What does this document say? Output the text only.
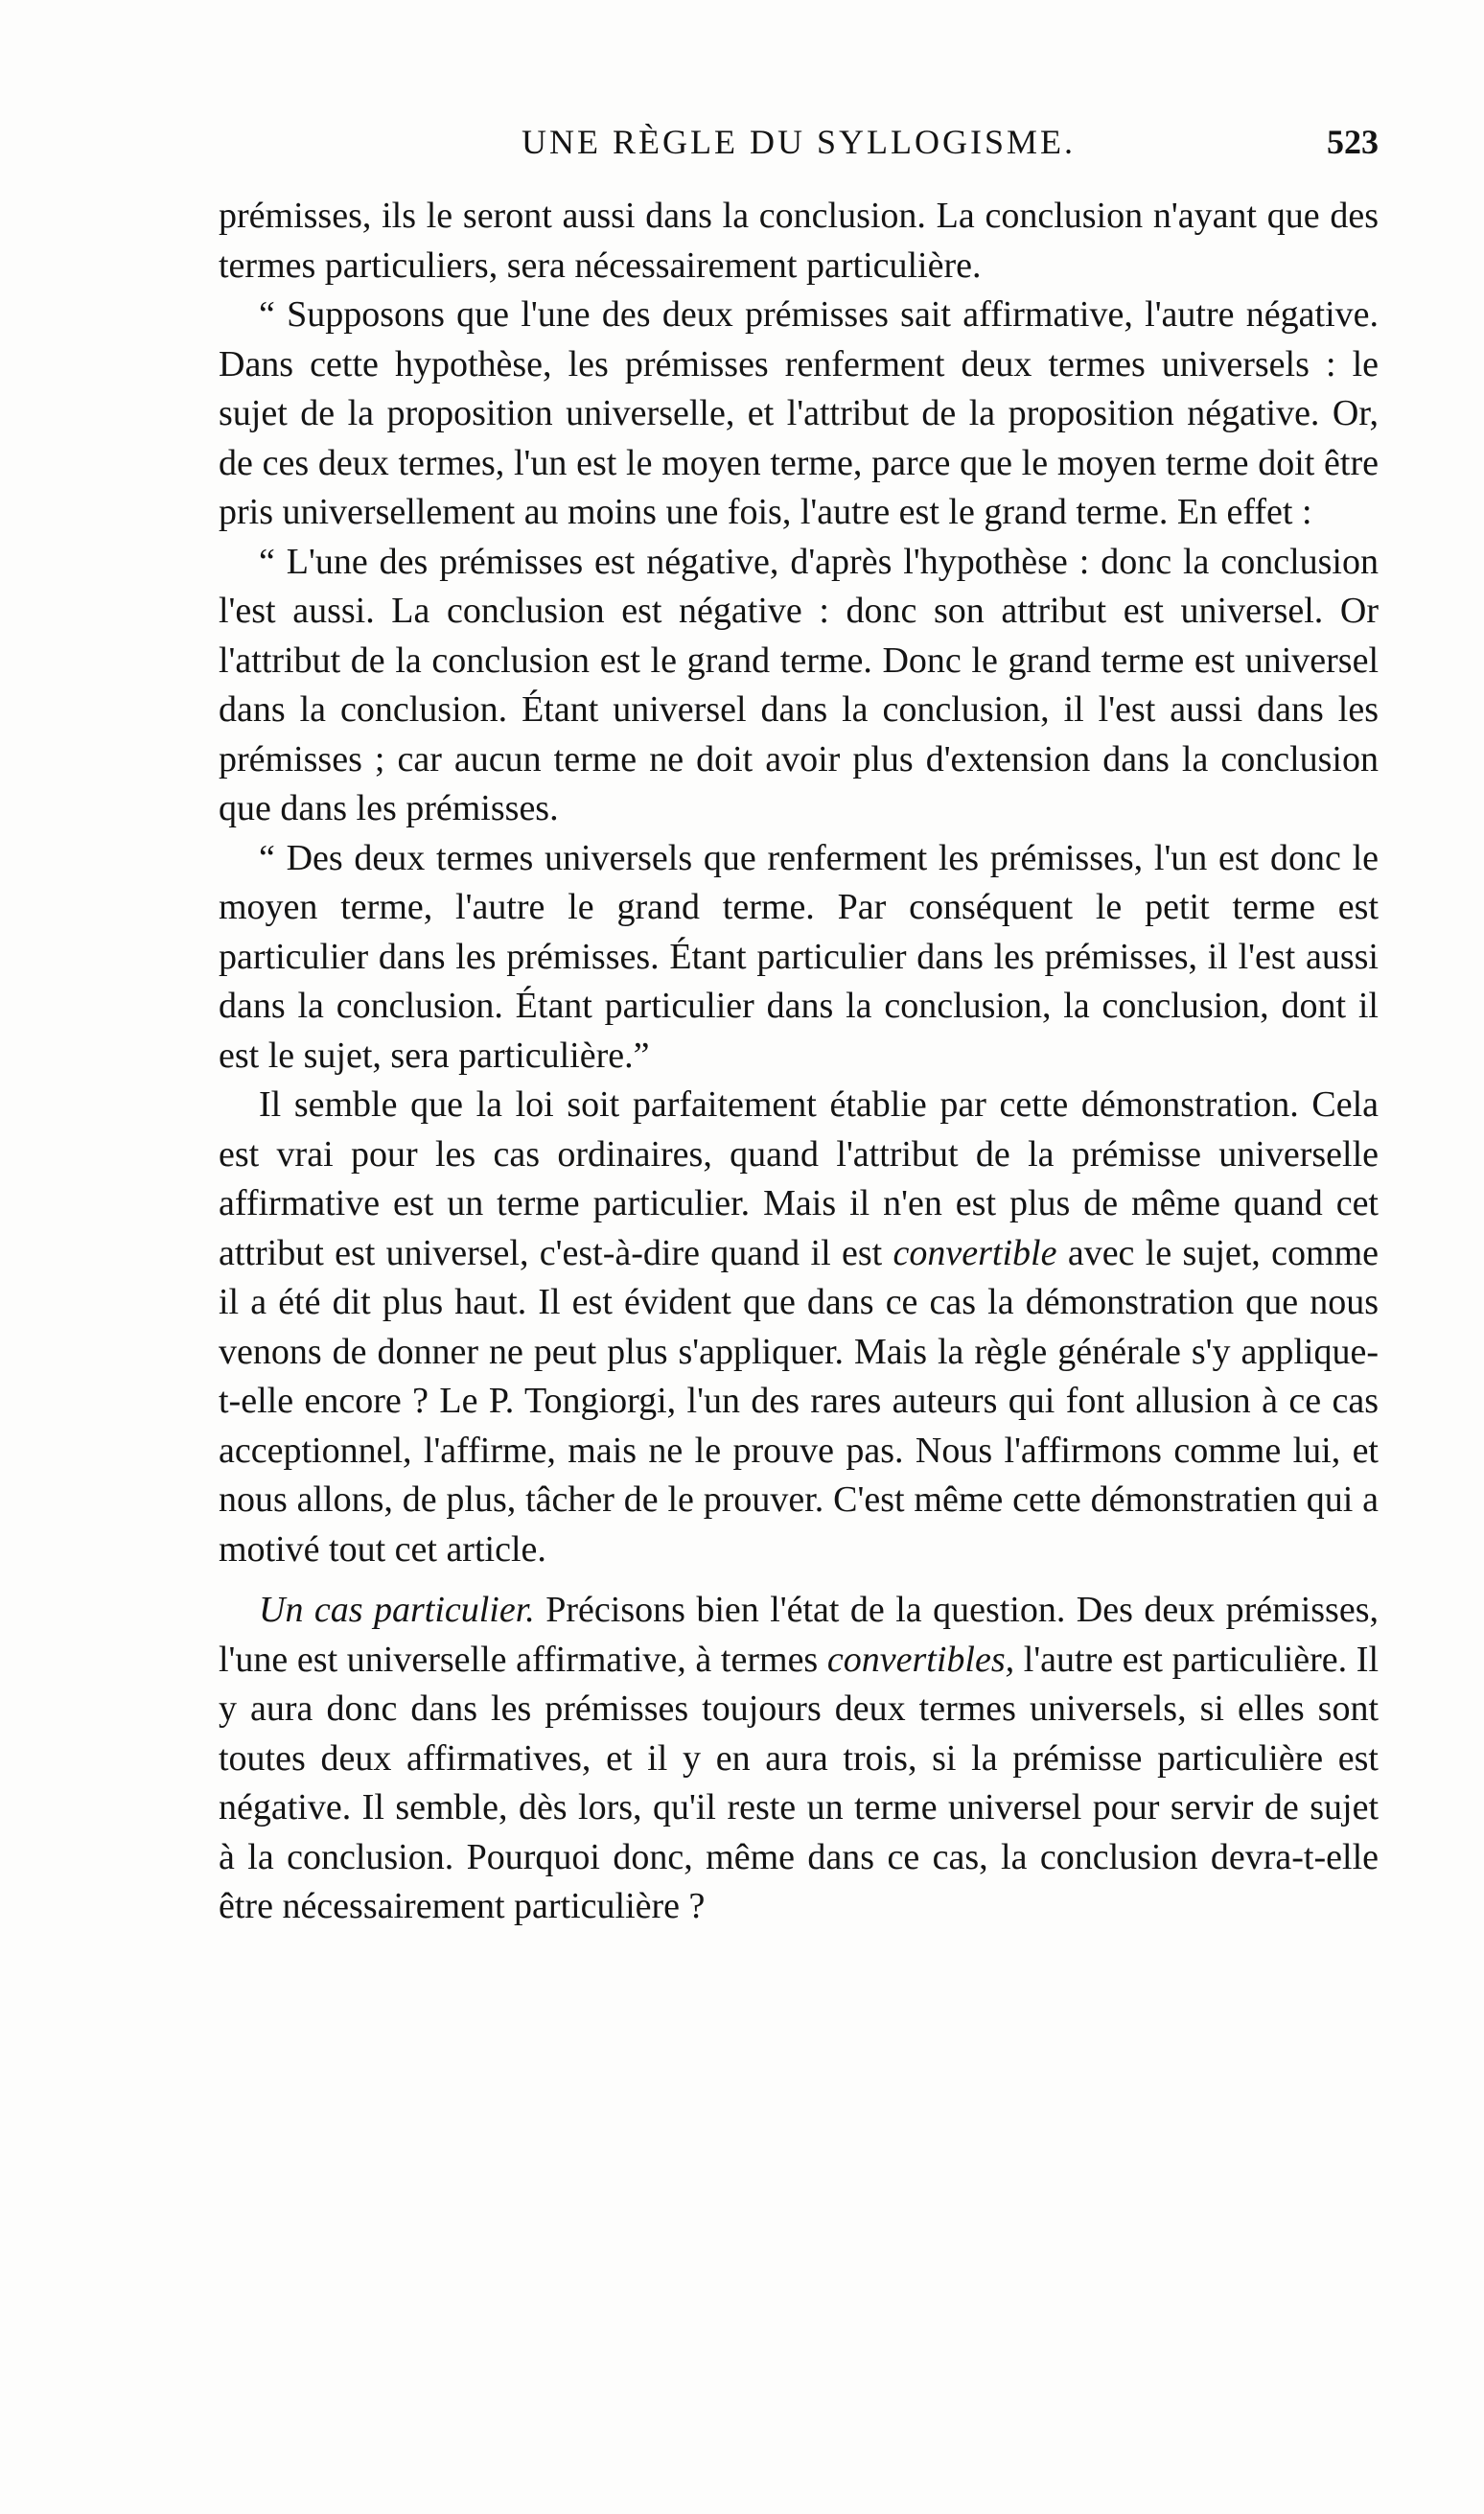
UNE RÈGLE DU SYLLOGISME.	523

prémisses, ils le seront aussi dans la conclusion. La conclusion n'ayant que des termes particuliers, sera nécessairement particulière.

“ Supposons que l'une des deux prémisses sait affirmative, l'autre négative. Dans cette hypothèse, les prémisses renferment deux termes universels : le sujet de la proposition universelle, et l'attribut de la proposition négative. Or, de ces deux termes, l'un est le moyen terme, parce que le moyen terme doit être pris universellement au moins une fois, l'autre est le grand terme. En effet :

“ L'une des prémisses est négative, d'après l'hypothèse : donc la conclusion l'est aussi. La conclusion est négative : donc son attribut est universel. Or l'attribut de la conclusion est le grand terme. Donc le grand terme est universel dans la conclusion. Étant universel dans la conclusion, il l'est aussi dans les prémisses ; car aucun terme ne doit avoir plus d'extension dans la conclusion que dans les prémisses.

“ Des deux termes universels que renferment les prémisses, l'un est donc le moyen terme, l'autre le grand terme. Par conséquent le petit terme est particulier dans les prémisses. Étant particulier dans les prémisses, il l'est aussi dans la conclusion. Étant particulier dans la conclusion, la conclusion, dont il est le sujet, sera particulière.”

Il semble que la loi soit parfaitement établie par cette démonstration. Cela est vrai pour les cas ordinaires, quand l'attribut de la prémisse universelle affirmative est un terme particulier. Mais il n'en est plus de même quand cet attribut est universel, c'est-à-dire quand il est convertible avec le sujet, comme il a été dit plus haut. Il est évident que dans ce cas la démonstration que nous venons de donner ne peut plus s'appliquer. Mais la règle générale s'y applique-t-elle encore ? Le P. Tongiorgi, l'un des rares auteurs qui font allusion à ce cas acceptionnel, l'affirme, mais ne le prouve pas. Nous l'affirmons comme lui, et nous allons, de plus, tâcher de le prouver. C'est même cette démonstratien qui a motivé tout cet article.

Un cas particulier. Précisons bien l'état de la question. Des deux prémisses, l'une est universelle affirmative, à termes convertibles, l'autre est particulière. Il y aura donc dans les prémisses toujours deux termes universels, si elles sont toutes deux affirmatives, et il y en aura trois, si la prémisse particulière est négative. Il semble, dès lors, qu'il reste un terme universel pour servir de sujet à la conclusion. Pourquoi donc, même dans ce cas, la conclusion devra-t-elle être nécessairement particulière ?
